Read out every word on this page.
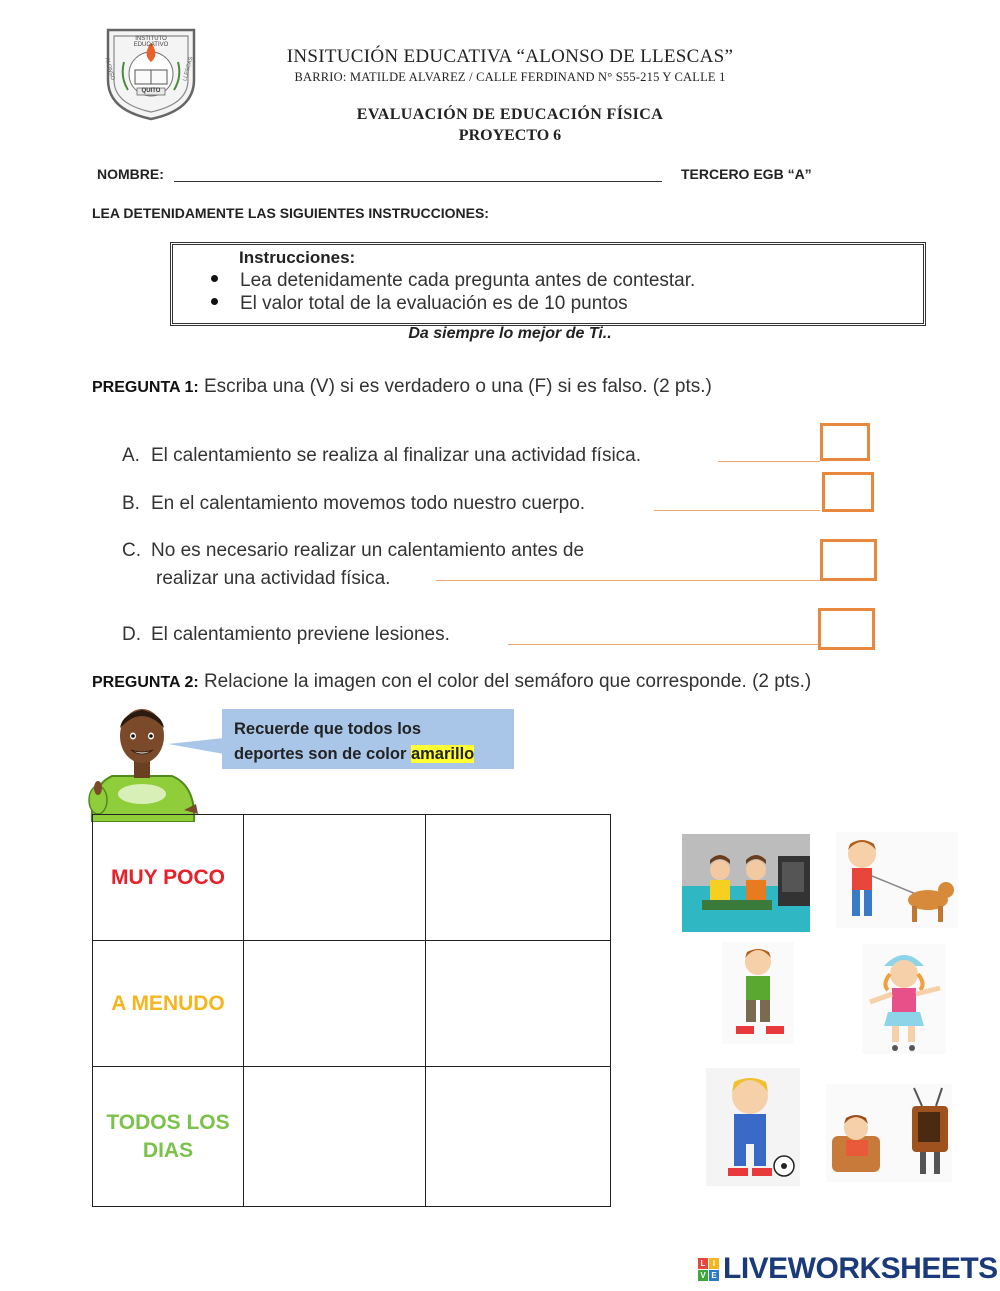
INSTITUTO EDUCATIVO
QUITO
ALONSO	LLESCAS	INSITUCIÓN EDUCATIVA “ALONSO DE LLESCAS”
BARRIO: MATILDE ALVAREZ / CALLE FERDINAND N° S55-215 Y CALLE 1
EVALUACIÓN DE EDUCACIÓN FÍSICA
PROYECTO 6
NOMBRE:	TERCERO EGB “A”
LEA DETENIDAMENTE LAS SIGUIENTES INSTRUCCIONES:
Instrucciones:
Lea detenidamente cada pregunta antes de contestar.
El valor total de la evaluación es de 10 puntos
Da siempre lo mejor de Ti..
PREGUNTA 1: Escriba una (V) si es verdadero o una (F) si es falso. (2 pts.)
A. El calentamiento se realiza al finalizar una actividad física.
B. En el calentamiento movemos todo nuestro cuerpo.
C. No es necesario realizar un calentamiento antes de
realizar una actividad física.
D. El calentamiento previene lesiones.
PREGUNTA 2: Relacione la imagen con el color del semáforo que corresponde. (2 pts.)
Recuerde que todos los
deportes son de color amarillo
MUY POCO		

A MENUDO		

TODOS LOS DIAS		

L I
V E LIVEWORKSHEETS
